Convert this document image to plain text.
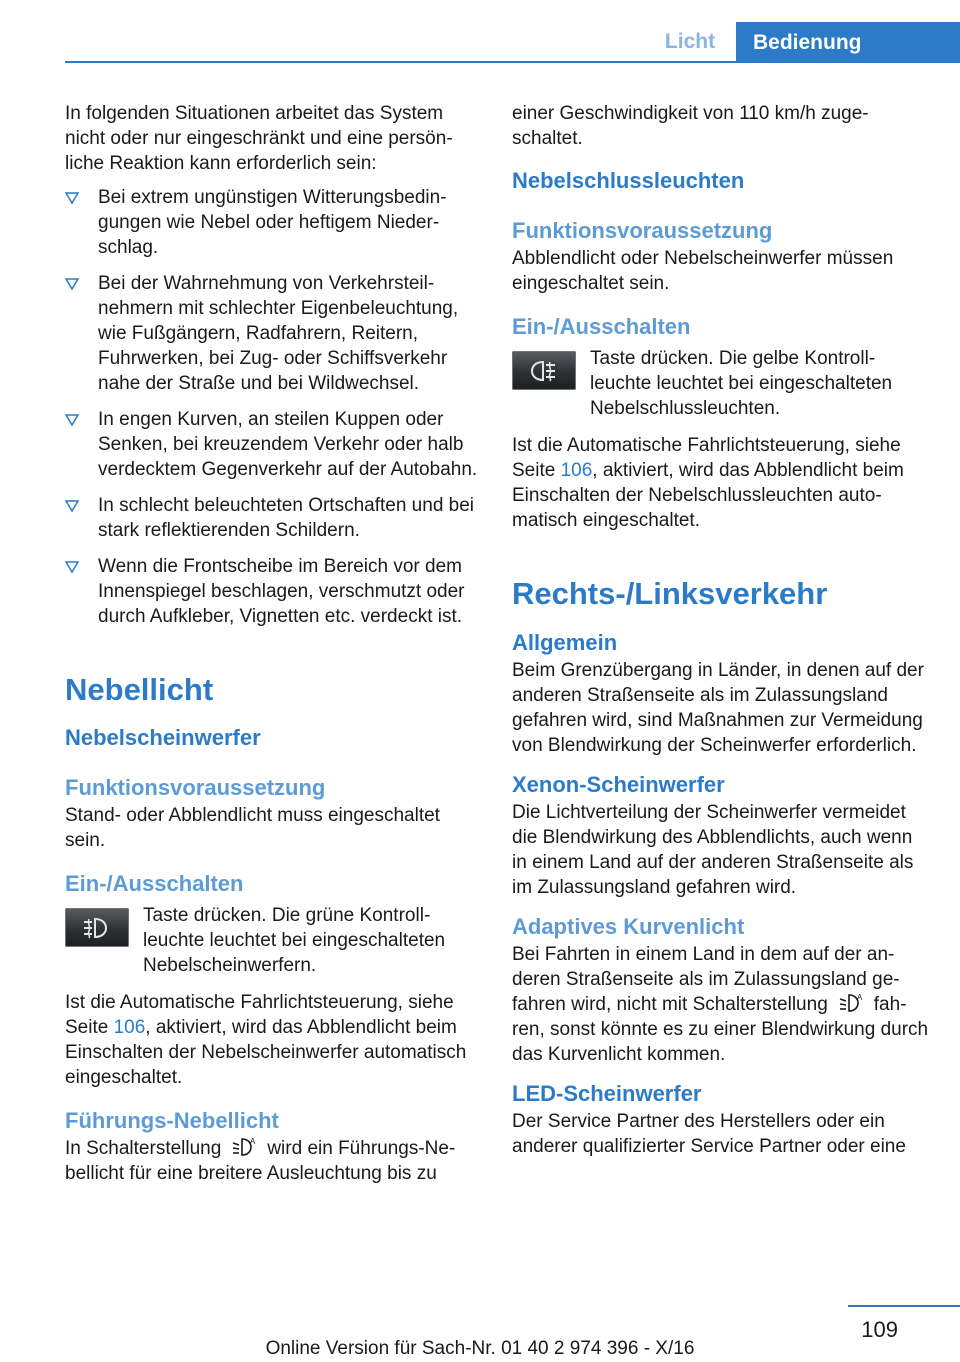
Licht	Bedienung

In folgenden Situationen arbeitet das System nicht oder nur eingeschränkt und eine persönliche Reaktion kann erforderlich sein:

Bei extrem ungünstigen Witterungsbedingungen wie Nebel oder heftigem Niederschlag.
Bei der Wahrnehmung von Verkehrsteilnehmern mit schlechter Eigenbeleuchtung, wie Fußgängern, Radfahrern, Reitern, Fuhrwerken, bei Zug- oder Schiffsverkehr nahe der Straße und bei Wildwechsel.
In engen Kurven, an steilen Kuppen oder Senken, bei kreuzendem Verkehr oder halb verdecktem Gegenverkehr auf der Autobahn.
In schlecht beleuchteten Ortschaften und bei stark reflektierenden Schildern.
Wenn die Frontscheibe im Bereich vor dem Innenspiegel beschlagen, verschmutzt oder durch Aufkleber, Vignetten etc. verdeckt ist.
Nebellicht
Nebelscheinwerfer
Funktionsvoraussetzung

Stand- oder Abblendlicht muss eingeschaltet sein.

Ein-/Ausschalten

Taste drücken. Die grüne Kontrollleuchte leuchtet bei eingeschalteten Nebelscheinwerfern.

Ist die Automatische Fahrlichtsteuerung, siehe Seite 106, aktiviert, wird das Abblendlicht beim Einschalten der Nebelscheinwerfer automatisch eingeschaltet.

Führungs-Nebellicht

In Schalterstellung	A wird ein Führungs-Nebellicht für eine breitere Ausleuchtung bis zu

einer Geschwindigkeit von 110 km/h zugeschaltet.

Nebelschlussleuchten
Funktionsvoraussetzung

Abblendlicht oder Nebelscheinwerfer müssen eingeschaltet sein.

Ein-/Ausschalten

Taste drücken. Die gelbe Kontrollleuchte leuchtet bei eingeschalteten Nebelschlussleuchten.

Ist die Automatische Fahrlichtsteuerung, siehe Seite 106, aktiviert, wird das Abblendlicht beim Einschalten der Nebelschlussleuchten automatisch eingeschaltet.

Rechts-/Linksverkehr
Allgemein

Beim Grenzübergang in Länder, in denen auf der anderen Straßenseite als im Zulassungsland gefahren wird, sind Maßnahmen zur Vermeidung von Blendwirkung der Scheinwerfer erforderlich.

Xenon-Scheinwerfer

Die Lichtverteilung der Scheinwerfer vermeidet die Blendwirkung des Abblendlichts, auch wenn in einem Land auf der anderen Straßenseite als im Zulassungsland gefahren wird.

Adaptives Kurvenlicht

Bei Fahrten in einem Land in dem auf der anderen Straßenseite als im Zulassungsland gefahren wird, nicht mit Schalterstellung	A fahren, sonst könnte es zu einer Blendwirkung durch das Kurvenlicht kommen.

LED-Scheinwerfer

Der Service Partner des Herstellers oder ein anderer qualifizierter Service Partner oder eine

109
Online Version für Sach-Nr. 01 40 2 974 396 - X/16
